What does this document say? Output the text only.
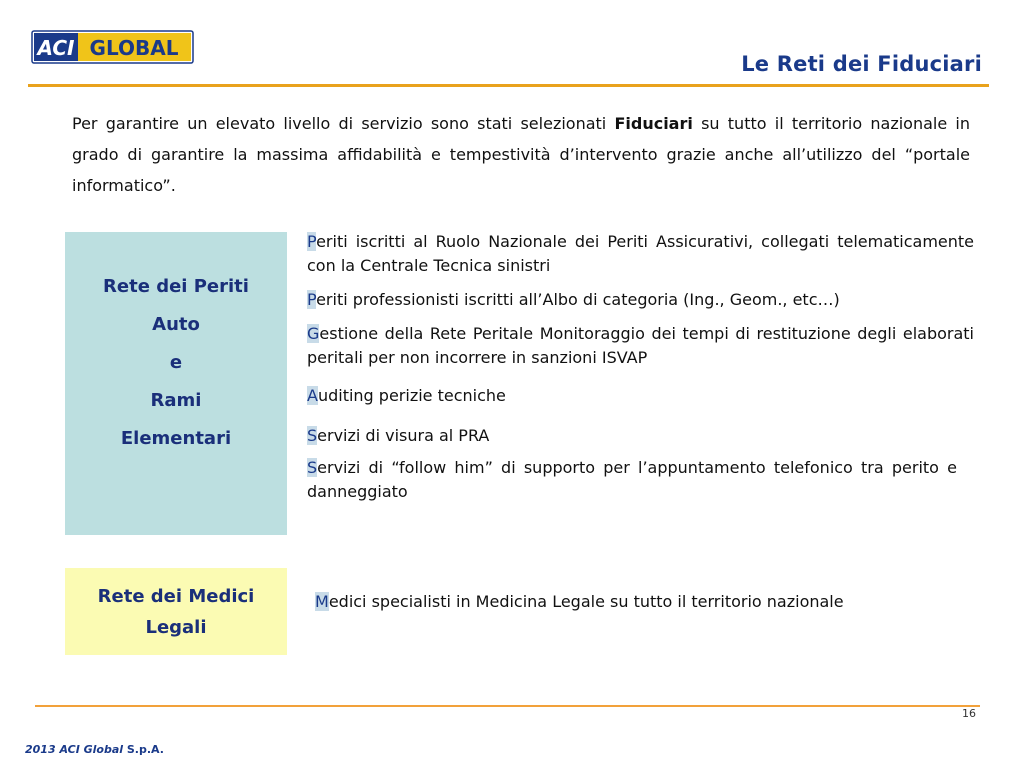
ACI GLOBAL
Le Reti dei Fiduciari
Per garantire un elevato livello di servizio sono stati selezionati Fiduciari su tutto il territorio nazionale in grado di garantire la massima affidabilità e tempestività d’intervento grazie anche all’utilizzo del “portale informatico”.
Rete dei Periti
Auto
e
Rami
Elementari
Periti iscritti al Ruolo Nazionale dei Periti Assicurativi, collegati telematicamente con la Centrale Tecnica sinistri
Periti professionisti iscritti all’Albo di categoria (Ing., Geom., etc…)
Gestione della Rete Peritale Monitoraggio dei tempi di restituzione degli elaborati peritali per non incorrere in sanzioni ISVAP
Auditing perizie tecniche
Servizi di visura al PRA
Servizi di “follow him” di supporto per l’appuntamento telefonico tra perito e danneggiato
Rete dei Medici
Legali
Medici specialisti in Medicina Legale su tutto il territorio nazionale
16
2013 ACI Global S.p.A.
